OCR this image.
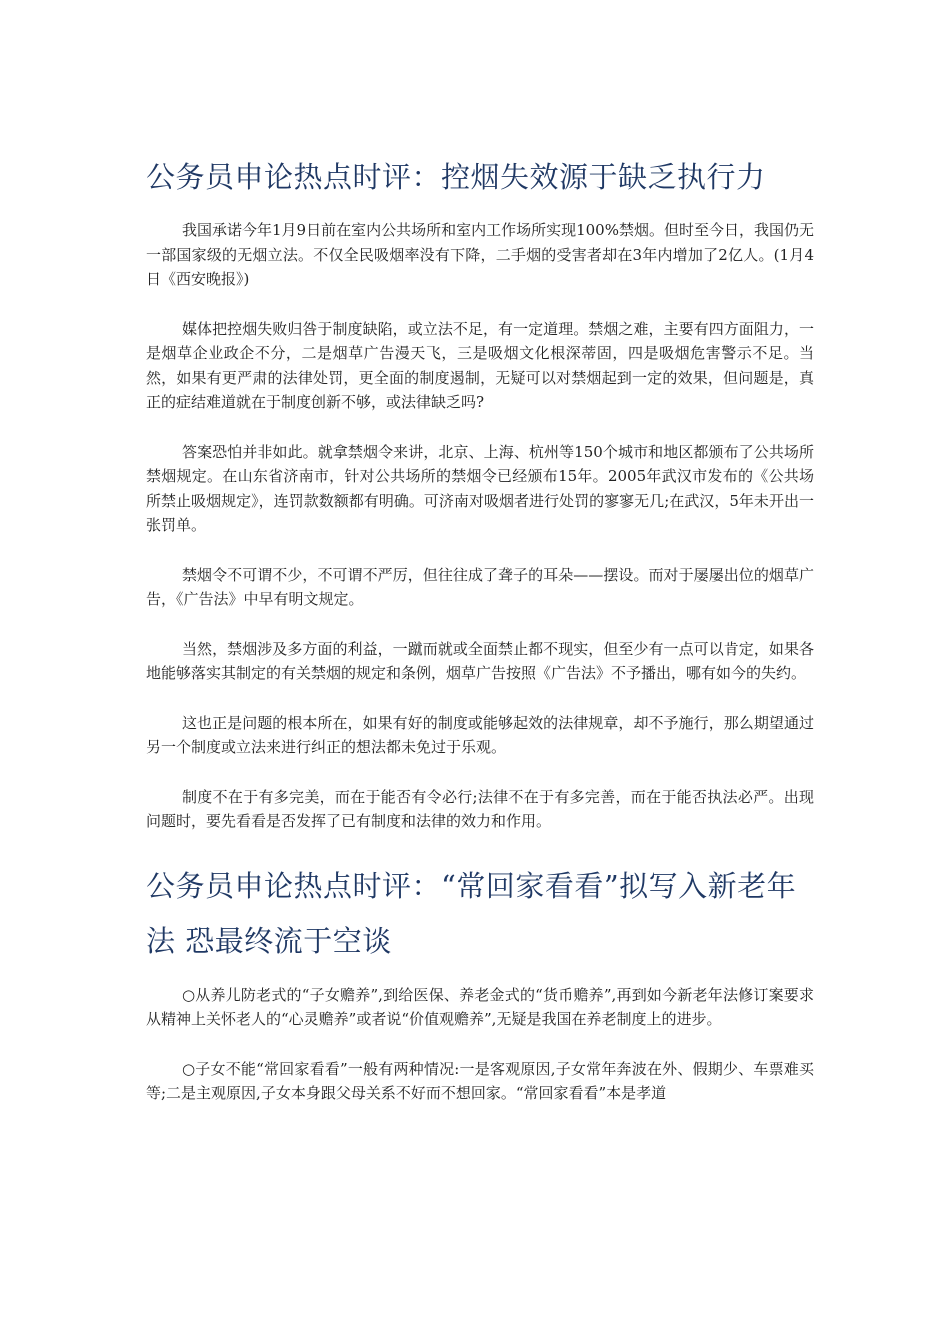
公务员申论热点时评：控烟失效源于缺乏执行力

我国承诺今年1月9日前在室内公共场所和室内工作场所实现100%禁烟。但时至今日，我国仍无一部国家级的无烟立法。不仅全民吸烟率没有下降，二手烟的受害者却在3年内增加了2亿人。(1月4日《西安晚报》)

媒体把控烟失败归咎于制度缺陷，或立法不足，有一定道理。禁烟之难，主要有四方面阻力，一是烟草企业政企不分，二是烟草广告漫天飞，三是吸烟文化根深蒂固，四是吸烟危害警示不足。当然，如果有更严肃的法律处罚，更全面的制度遏制，无疑可以对禁烟起到一定的效果，但问题是，真正的症结难道就在于制度创新不够，或法律缺乏吗?

答案恐怕并非如此。就拿禁烟令来讲，北京、上海、杭州等150个城市和地区都颁布了公共场所禁烟规定。在山东省济南市，针对公共场所的禁烟令已经颁布15年。2005年武汉市发布的《公共场所禁止吸烟规定》，连罚款数额都有明确。可济南对吸烟者进行处罚的寥寥无几;在武汉，5年未开出一张罚单。

禁烟令不可谓不少，不可谓不严厉，但往往成了聋子的耳朵——摆设。而对于屡屡出位的烟草广告，《广告法》中早有明文规定。

当然，禁烟涉及多方面的利益，一蹴而就或全面禁止都不现实，但至少有一点可以肯定，如果各地能够落实其制定的有关禁烟的规定和条例，烟草广告按照《广告法》不予播出，哪有如今的失约。

这也正是问题的根本所在，如果有好的制度或能够起效的法律规章，却不予施行，那么期望通过另一个制度或立法来进行纠正的想法都未免过于乐观。

制度不在于有多完美，而在于能否有令必行;法律不在于有多完善，而在于能否执法必严。出现问题时，要先看看是否发挥了已有制度和法律的效力和作用。

公务员申论热点时评：“常回家看看”拟写入新老年法 恐最终流于空谈

○从养儿防老式的“子女赡养”,到给医保、养老金式的“货币赡养”,再到如今新老年法修订案要求从精神上关怀老人的“心灵赡养”或者说“价值观赡养”,无疑是我国在养老制度上的进步。

○子女不能“常回家看看”一般有两种情况:一是客观原因,子女常年奔波在外、假期少、车票难买等;二是主观原因,子女本身跟父母关系不好而不想回家。“常回家看看”本是孝道
